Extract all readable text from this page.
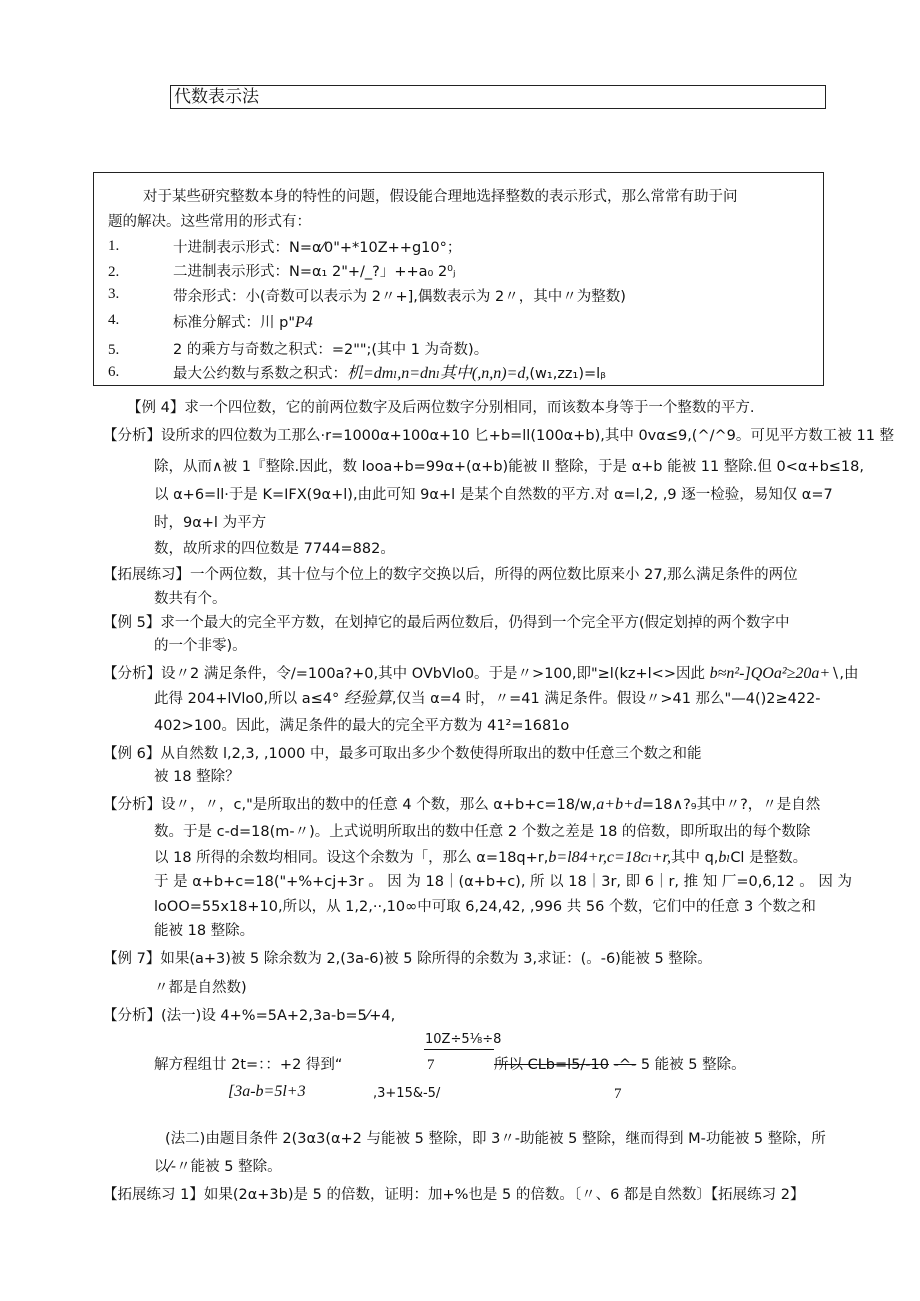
代数表示法
对于某些研究整数本身的特性的问题，假设能合理地选择整数的表示形式，那么常常有助于问
题的解决。这些常用的形式有：
1.	十进制表示形式：N=α⁄0"+*10Z++g10°；
2.	二进制表示形式：N=α₁ 2"+/_?」++a₀ 2⁰ⱼ
3.	带余形式：小(奇数可以表示为 2〃+],偶数表示为 2〃，其中〃为整数)
4.	标准分解式：川 p"P4
5.	2 的乘方与奇数之积式：=2"";(其中 1 为奇数)。
6.	最大公约数与系数之积式：机=dmₗ,n=dnₗ其中(,n,n)=d,(w₁,zz₁)=lᵦ
【例 4】求一个四位数，它的前两位数字及后两位数字分别相同，而该数本身等于一个整数的平方.
【分析】设所求的四位数为工那么·r=1000α+100α+10 匕+b=ll(100α+b),其中 0vα≤9,(^/^9。可见平方数工被 11 整
除，从而∧被 1『整除.因此，数 looa+b=99α+(α+b)能被 ll 整除，于是 α+b 能被 11 整除.但 0<α+b≤18,
以 α+6=ll·于是 K=IFX(9α+l),由此可知 9α+l 是某个自然数的平方.对 α=l,2, ,9 逐一检验，易知仅 α=7
时，9α+l 为平方
数，故所求的四位数是 7744=882。
【拓展练习】一个两位数，其十位与个位上的数字交换以后，所得的两位数比原来小 27,那么满足条件的两位
数共有个。
【例 5】求一个最大的完全平方数，在划掉它的最后两位数后，仍得到一个完全平方(假定划掉的两个数字中
的一个非零)。
【分析】设〃2 满足条件，令/=100a?+0,其中 OVbVlo0。于是〃>100,即"≥l(kz+l<>因此 b≈n²-]QOa²≥20a+∖,由
此得 204+lVlo0,所以 a≤4° 经验算,仅当 α=4 时，〃=41 满足条件。假设〃>41 那么"—4()2≥422-
402>100。因此，满足条件的最大的完全平方数为 41²=1681o
【例 6】从自然数 l,2,3, ,1000 中，最多可取出多少个数使得所取出的数中任意三个数之和能
被 18 整除？
【分析】设〃，〃，c,"是所取出的数中的任意 4 个数，那么 α+b+c=18/w,a+b+d=18∧?₉其中〃?，〃是自然
数。于是 c-d=18(m-〃)。上式说明所取出的数中任意 2 个数之差是 18 的倍数，即所取出的每个数除
以 18 所得的余数均相同。设这个余数为「，那么 α=18q+r,b=l84+r,c=18cₗ+r,其中 q,bₗCl 是整数。
于 是 α+b+c=18("+%+cj+3r 。 因 为 18｜(α+b+c), 所 以 18｜3r, 即 6｜r, 推 知 厂=0,6,12 。 因 为
loOO=55x18+10,所以，从 1,2,··,10∞中可取 6,24,42, ,996 共 56 个数，它们中的任意 3 个数之和
能被 18 整除。
【例 7】如果(a+3)被 5 除余数为 2,(3a-6)被 5 除所得的余数为 3,求证：(。-6)能被 5 整除。
〃都是自然数)
【分析】(法一)设 4+%=5A+2,3a-b=5⁄+4,
10Z÷5⅛÷8
解方程组廿 2t=：：+2 得到“	7	所以 CLb=l5/-10 -^- 5 能被 5 整除。
[3a-b=5l+3	,3+15&-5/	7
(法二)由题目条件 2(3α3(α+2 与能被 5 整除，即 3〃-助能被 5 整除，继而得到 M-功能被 5 整除，所
以⁄-〃能被 5 整除。
【拓展练习 1】如果(2α+3b)是 5 的倍数，证明：加+%也是 5 的倍数。〔〃、6 都是自然数〕【拓展练习 2】
